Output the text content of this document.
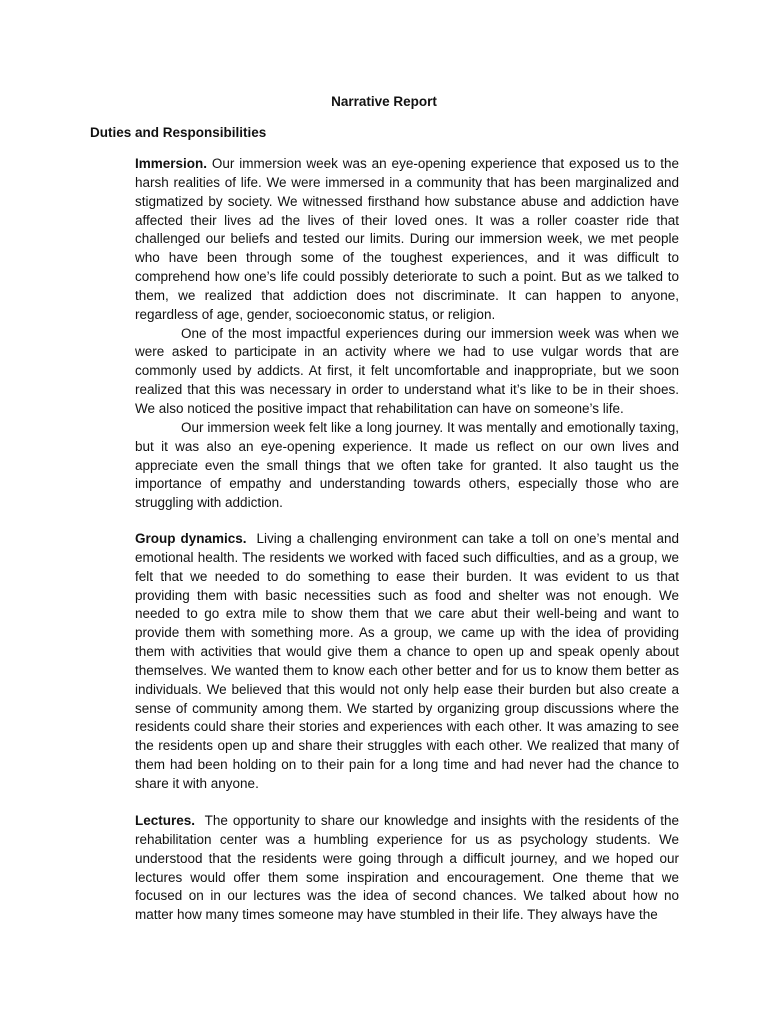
Narrative Report
Duties and Responsibilities

Immersion. Our immersion week was an eye-opening experience that exposed us to the harsh realities of life. We were immersed in a community that has been marginalized and stigmatized by society. We witnessed firsthand how substance abuse and addiction have affected their lives ad the lives of their loved ones. It was a roller coaster ride that challenged our beliefs and tested our limits. During our immersion week, we met people who have been through some of the toughest experiences, and it was difficult to comprehend how one’s life could possibly deteriorate to such a point. But as we talked to them, we realized that addiction does not discriminate. It can happen to anyone, regardless of age, gender, socioeconomic status, or religion.

One of the most impactful experiences during our immersion week was when we were asked to participate in an activity where we had to use vulgar words that are commonly used by addicts. At first, it felt uncomfortable and inappropriate, but we soon realized that this was necessary in order to understand what it’s like to be in their shoes. We also noticed the positive impact that rehabilitation can have on someone’s life.

Our immersion week felt like a long journey. It was mentally and emotionally taxing, but it was also an eye-opening experience. It made us reflect on our own lives and appreciate even the small things that we often take for granted. It also taught us the importance of empathy and understanding towards others, especially those who are struggling with addiction.

Group dynamics. Living a challenging environment can take a toll on one’s mental and emotional health. The residents we worked with faced such difficulties, and as a group, we felt that we needed to do something to ease their burden. It was evident to us that providing them with basic necessities such as food and shelter was not enough. We needed to go extra mile to show them that we care abut their well-being and want to provide them with something more. As a group, we came up with the idea of providing them with activities that would give them a chance to open up and speak openly about themselves. We wanted them to know each other better and for us to know them better as individuals. We believed that this would not only help ease their burden but also create a sense of community among them. We started by organizing group discussions where the residents could share their stories and experiences with each other. It was amazing to see the residents open up and share their struggles with each other. We realized that many of them had been holding on to their pain for a long time and had never had the chance to share it with anyone.

Lectures. The opportunity to share our knowledge and insights with the residents of the rehabilitation center was a humbling experience for us as psychology students. We understood that the residents were going through a difficult journey, and we hoped our lectures would offer them some inspiration and encouragement. One theme that we focused on in our lectures was the idea of second chances. We talked about how no matter how many times someone may have stumbled in their life. They always have the
